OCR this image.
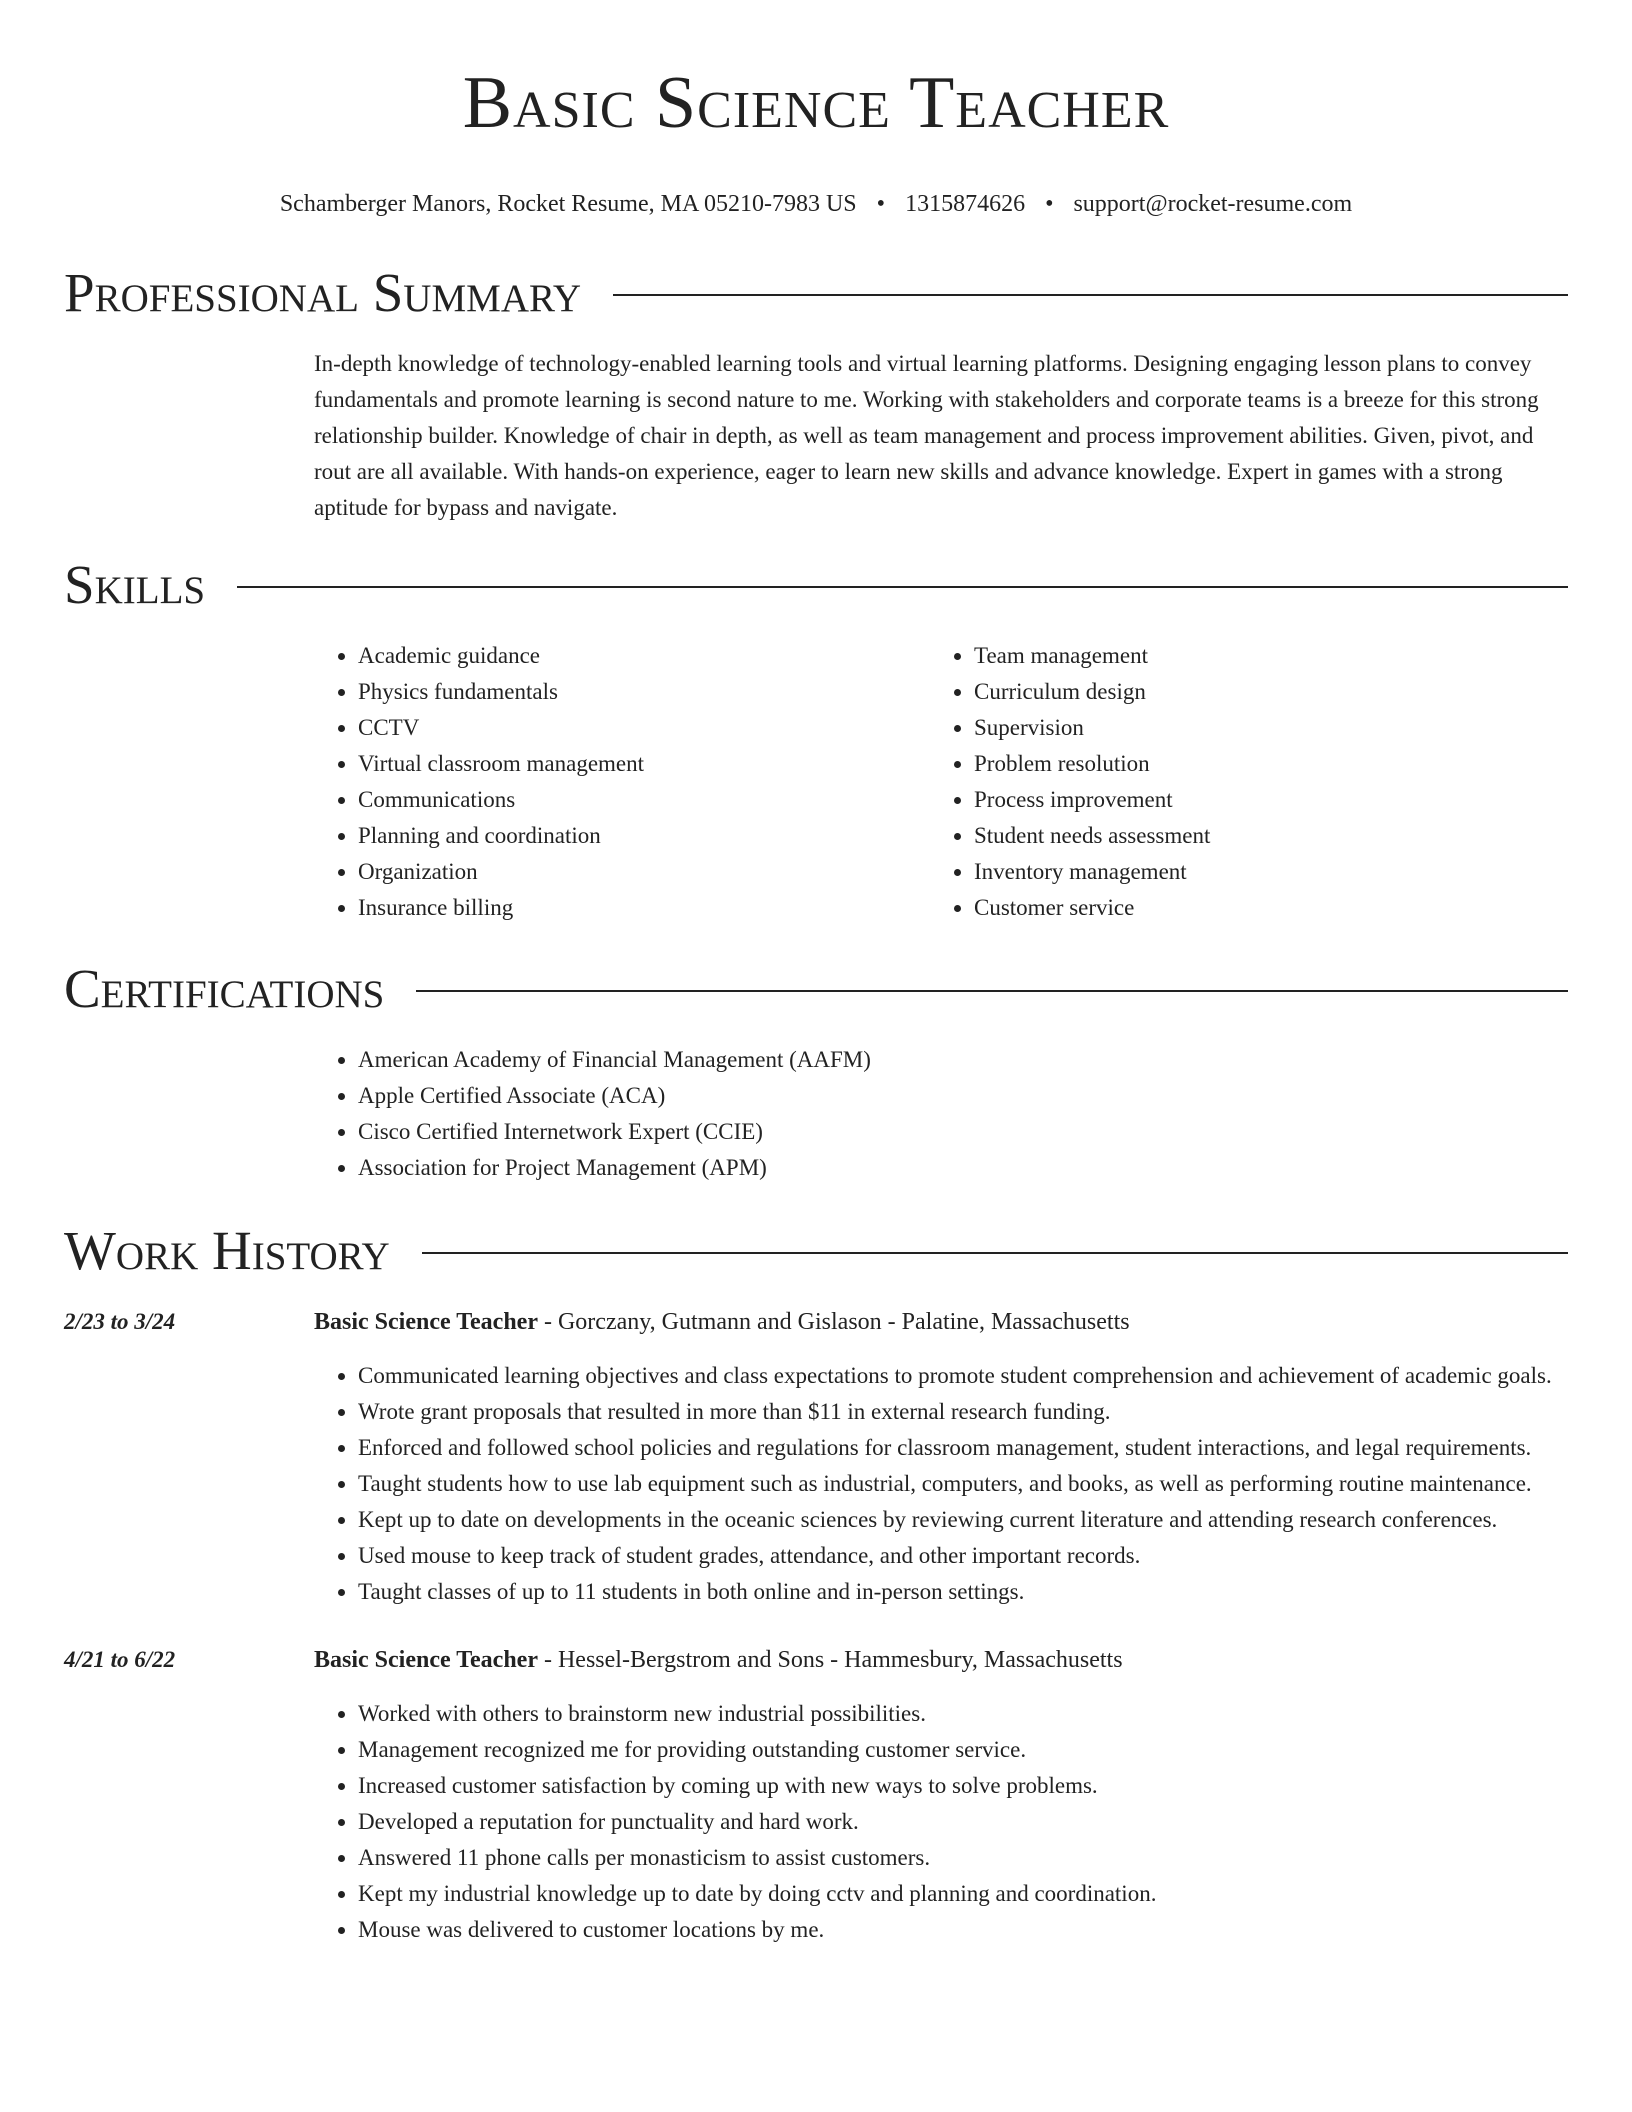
Basic Science Teacher
Schamberger Manors, Rocket Resume, MA 05210-7983 US • 1315874626 • support@rocket-resume.com
Professional Summary
In-depth knowledge of technology-enabled learning tools and virtual learning platforms. Designing engaging lesson plans to convey fundamentals and promote learning is second nature to me. Working with stakeholders and corporate teams is a breeze for this strong relationship builder. Knowledge of chair in depth, as well as team management and process improvement abilities. Given, pivot, and rout are all available. With hands-on experience, eager to learn new skills and advance knowledge. Expert in games with a strong aptitude for bypass and navigate.
Skills
• Academic guidance
• Physics fundamentals
• CCTV
• Virtual classroom management
• Communications
• Planning and coordination
• Organization
• Insurance billing
• Team management
• Curriculum design
• Supervision
• Problem resolution
• Process improvement
• Student needs assessment
• Inventory management
• Customer service
Certifications
• American Academy of Financial Management (AAFM)
• Apple Certified Associate (ACA)
• Cisco Certified Internetwork Expert (CCIE)
• Association for Project Management (APM)
Work History
2/23 to 3/24	Basic Science Teacher - Gorczany, Gutmann and Gislason - Palatine, Massachusetts
• Communicated learning objectives and class expectations to promote student comprehension and achievement of academic goals.
• Wrote grant proposals that resulted in more than $11 in external research funding.
• Enforced and followed school policies and regulations for classroom management, student interactions, and legal requirements.
• Taught students how to use lab equipment such as industrial, computers, and books, as well as performing routine maintenance.
• Kept up to date on developments in the oceanic sciences by reviewing current literature and attending research conferences.
• Used mouse to keep track of student grades, attendance, and other important records.
• Taught classes of up to 11 students in both online and in-person settings.
4/21 to 6/22	Basic Science Teacher - Hessel-Bergstrom and Sons - Hammesbury, Massachusetts
• Worked with others to brainstorm new industrial possibilities.
• Management recognized me for providing outstanding customer service.
• Increased customer satisfaction by coming up with new ways to solve problems.
• Developed a reputation for punctuality and hard work.
• Answered 11 phone calls per monasticism to assist customers.
• Kept my industrial knowledge up to date by doing cctv and planning and coordination.
• Mouse was delivered to customer locations by me.
